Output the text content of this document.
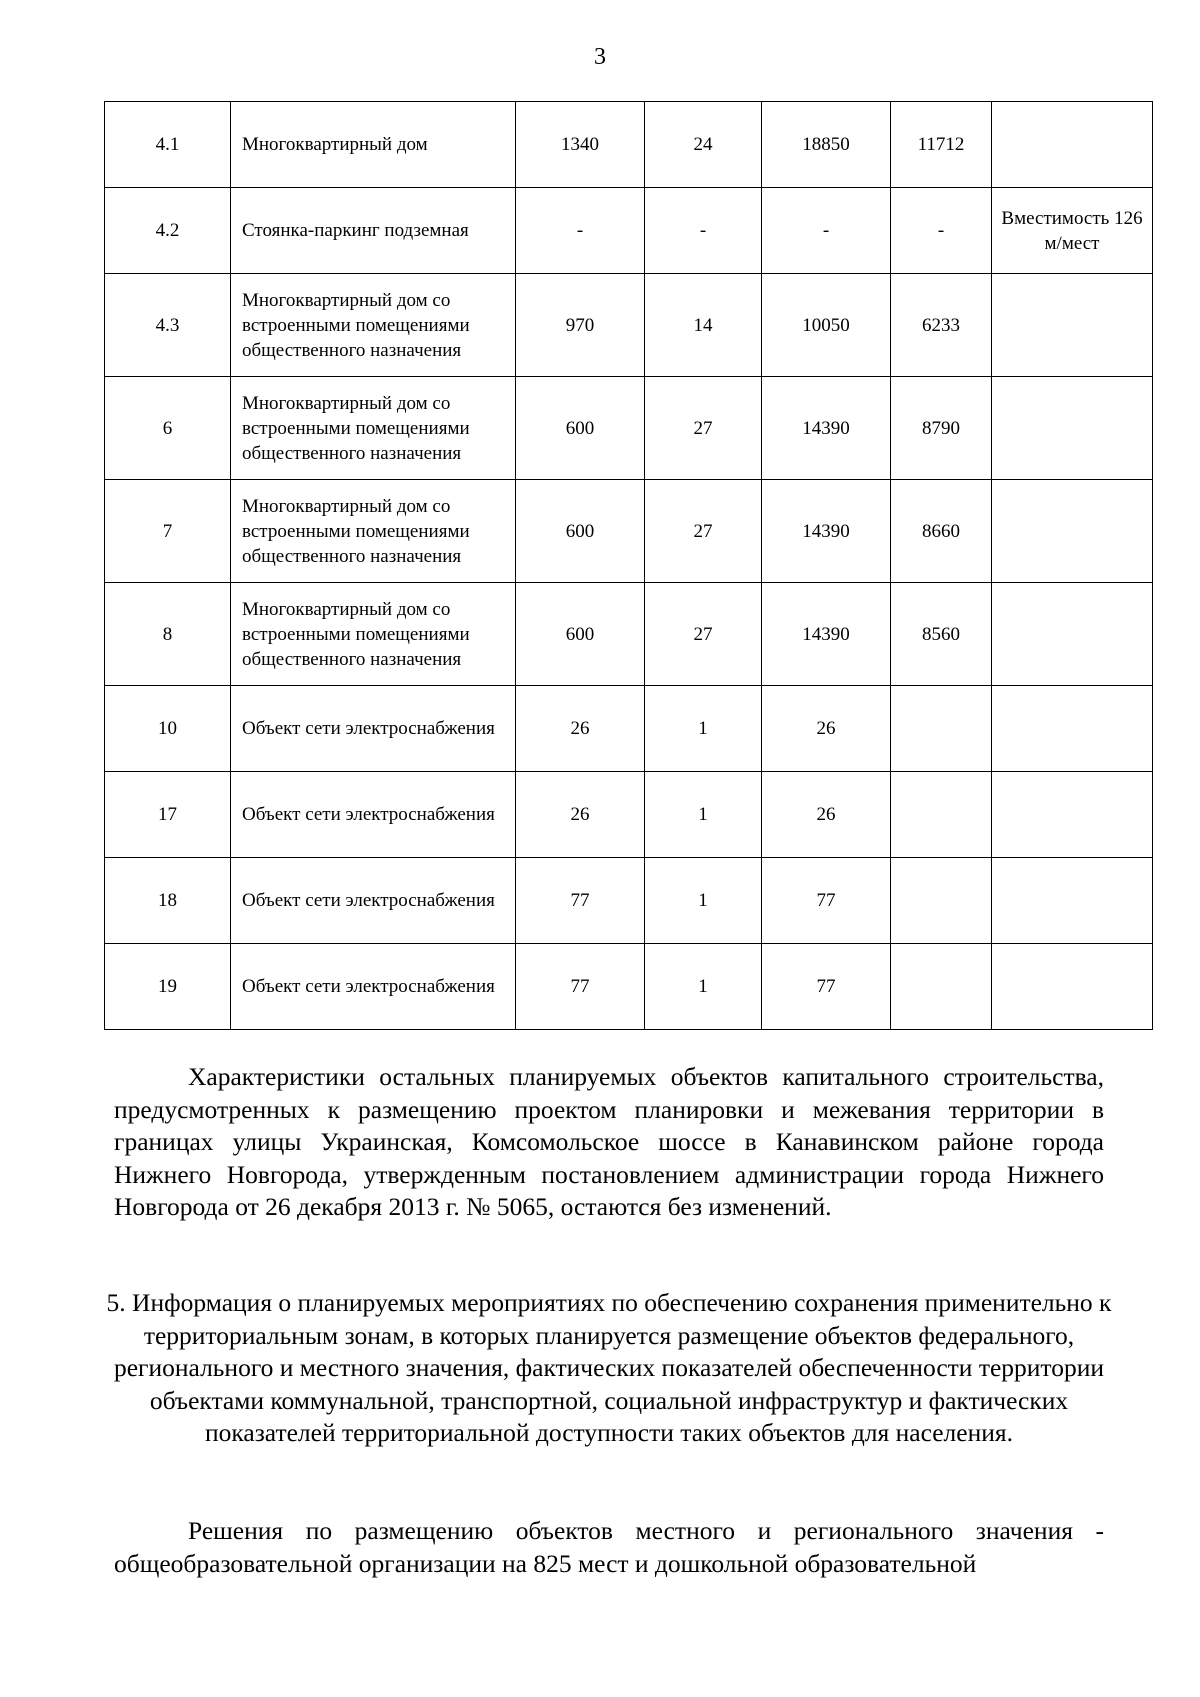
3
4.1	Многоквартирный дом	1340	24	18850	11712	
4.2	Стоянка-паркинг подземная	-	-	-	-	Вместимость 126 м/мест
4.3	Многоквартирный дом со встроенными помещениями общественного назначения	970	14	10050	6233	
6	Многоквартирный дом со встроенными помещениями общественного назначения	600	27	14390	8790	
7	Многоквартирный дом со встроенными помещениями общественного назначения	600	27	14390	8660	
8	Многоквартирный дом со встроенными помещениями общественного назначения	600	27	14390	8560	
10	Объект сети электроснабжения	26	1	26		
17	Объект сети электроснабжения	26	1	26		
18	Объект сети электроснабжения	77	1	77		
19	Объект сети электроснабжения	77	1	77		

Характеристики остальных планируемых объектов капитального строительства, предусмотренных к размещению проектом планировки и межевания территории в границах улицы Украинская, Комсомольское шоссе в Канавинском районе города Нижнего Новгорода, утвержденным постановлением администрации города Нижнего Новгорода от 26 декабря 2013 г. № 5065, остаются без изменений.

5. Информация о планируемых мероприятиях по обеспечению сохранения применительно к территориальным зонам, в которых планируется размещение объектов федерального, регионального и местного значения, фактических показателей обеспеченности территории объектами коммунальной, транспортной, социальной инфраструктур и фактических показателей территориальной доступности таких объектов для населения.

Решения по размещению объектов местного и регионального значения - общеобразовательной организации на 825 мест и дошкольной образовательной
